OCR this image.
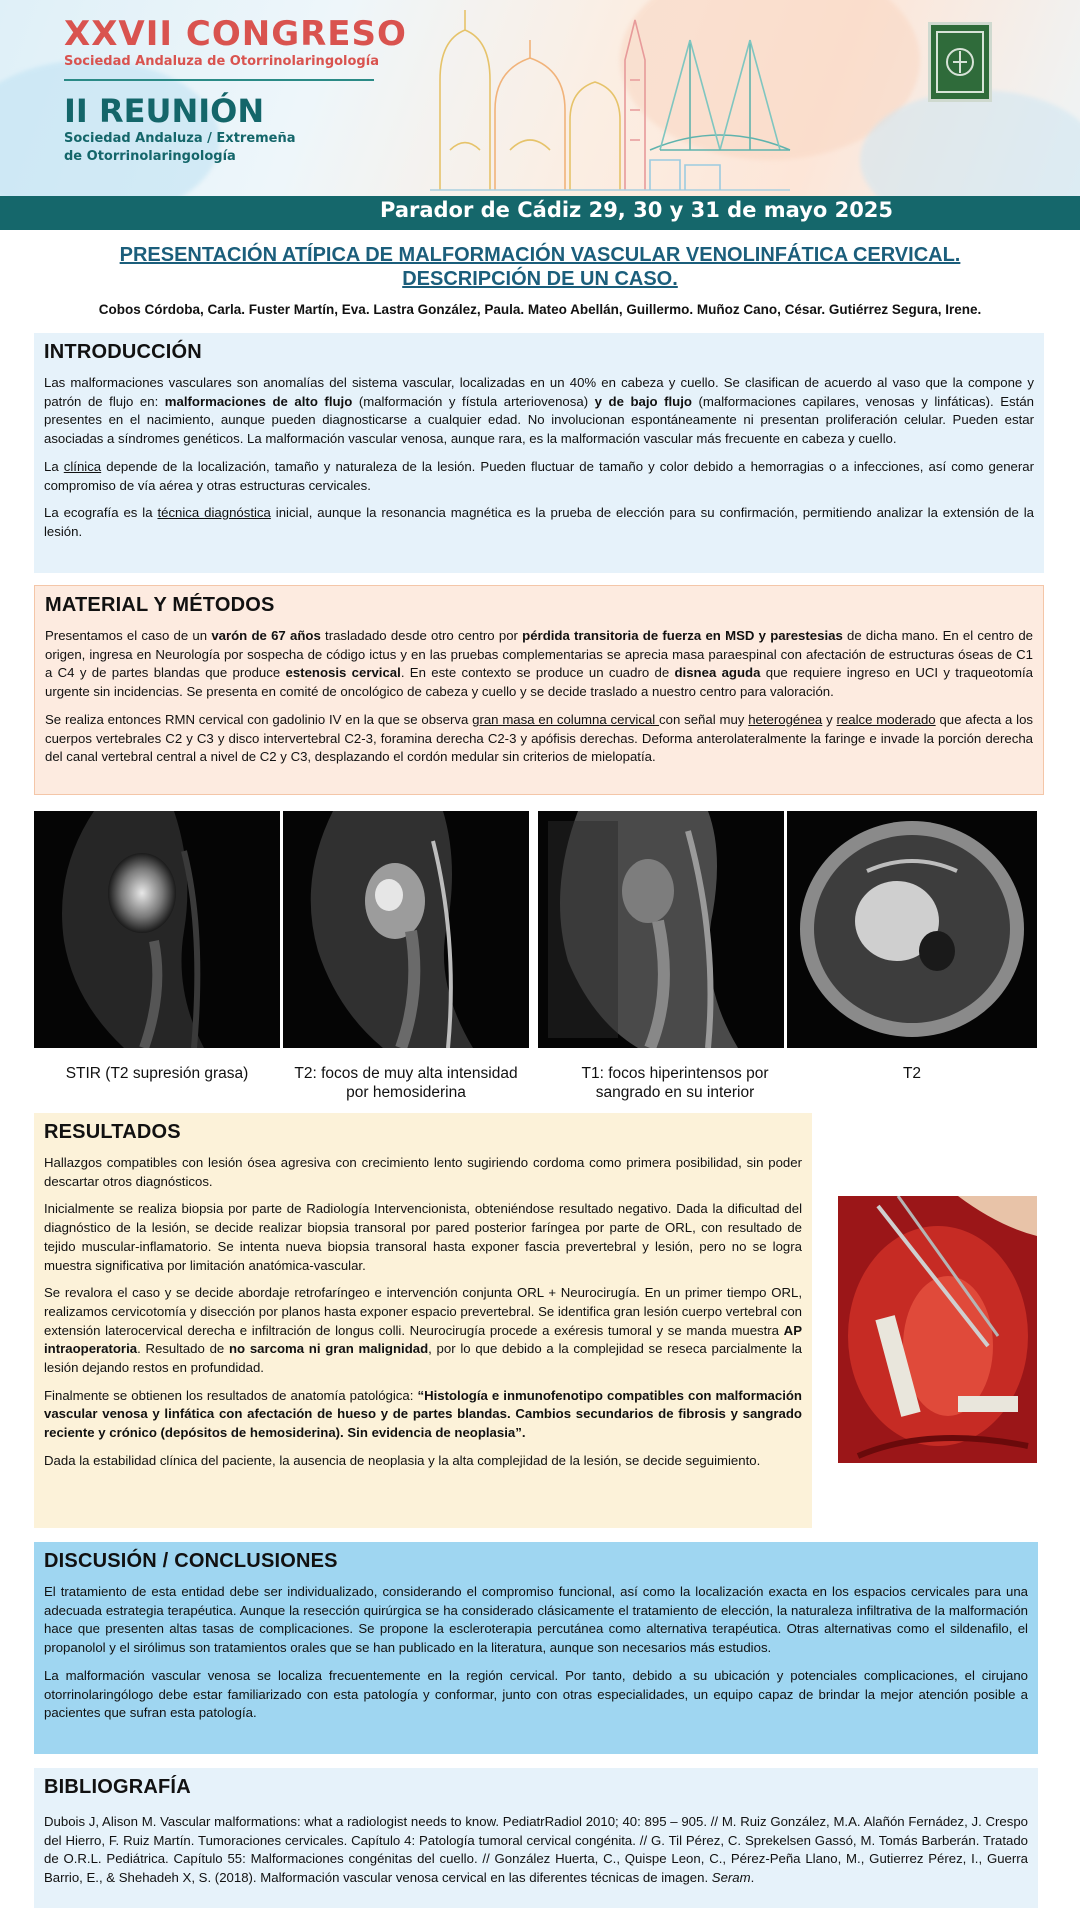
XXVII CONGRESO
Sociedad Andaluza de Otorrinolaringología
II REUNIÓN
Sociedad Andaluza / Extremeña
de Otorrinolaringología
Parador de Cádiz 29, 30 y 31 de mayo 2025
PRESENTACIÓN ATÍPICA DE MALFORMACIÓN VASCULAR VENOLINFÁTICA CERVICAL.
DESCRIPCIÓN DE UN CASO.
Cobos Córdoba, Carla. Fuster Martín, Eva. Lastra González, Paula. Mateo Abellán, Guillermo. Muñoz Cano, César. Gutiérrez Segura, Irene.
INTRODUCCIÓN

Las malformaciones vasculares son anomalías del sistema vascular, localizadas en un 40% en cabeza y cuello. Se clasifican de acuerdo al vaso que la compone y patrón de flujo en: malformaciones de alto flujo (malformación y fístula arteriovenosa) y de bajo flujo (malformaciones capilares, venosas y linfáticas). Están presentes en el nacimiento, aunque pueden diagnosticarse a cualquier edad. No involucionan espontáneamente ni presentan proliferación celular. Pueden estar asociadas a síndromes genéticos. La malformación vascular venosa, aunque rara, es la malformación vascular más frecuente en cabeza y cuello.

La clínica depende de la localización, tamaño y naturaleza de la lesión. Pueden fluctuar de tamaño y color debido a hemorragias o a infecciones, así como generar compromiso de vía aérea y otras estructuras cervicales.

La ecografía es la técnica diagnóstica inicial, aunque la resonancia magnética es la prueba de elección para su confirmación, permitiendo analizar la extensión de la lesión.

MATERIAL Y MÉTODOS

Presentamos el caso de un varón de 67 años trasladado desde otro centro por pérdida transitoria de fuerza en MSD y parestesias de dicha mano. En el centro de origen, ingresa en Neurología por sospecha de código ictus y en las pruebas complementarias se aprecia masa paraespinal con afectación de estructuras óseas de C1 a C4 y de partes blandas que produce estenosis cervical. En este contexto se produce un cuadro de disnea aguda que requiere ingreso en UCI y traqueotomía urgente sin incidencias. Se presenta en comité de oncológico de cabeza y cuello y se decide traslado a nuestro centro para valoración.

Se realiza entonces RMN cervical con gadolinio IV en la que se observa gran masa en columna cervical con señal muy heterogénea y realce moderado que afecta a los cuerpos vertebrales C2 y C3 y disco intervertebral C2-3, foramina derecha C2-3 y apófisis derechas. Deforma anterolateralmente la faringe e invade la porción derecha del canal vertebral central a nivel de C2 y C3, desplazando el cordón medular sin criterios de mielopatía.

STIR (T2 supresión grasa)	T2: focos de muy alta intensidad por hemosiderina
T1: focos hiperintensos por sangrado en su interior
T2
RESULTADOS

Hallazgos compatibles con lesión ósea agresiva con crecimiento lento sugiriendo cordoma como primera posibilidad, sin poder descartar otros diagnósticos.

Inicialmente se realiza biopsia por parte de Radiología Intervencionista, obteniéndose resultado negativo. Dada la dificultad del diagnóstico de la lesión, se decide realizar biopsia transoral por pared posterior faríngea por parte de ORL, con resultado de tejido muscular-inflamatorio. Se intenta nueva biopsia transoral hasta exponer fascia prevertebral y lesión, pero no se logra muestra significativa por limitación anatómica-vascular.

Se revalora el caso y se decide abordaje retrofaríngeo e intervención conjunta ORL + Neurocirugía. En un primer tiempo ORL, realizamos cervicotomía y disección por planos hasta exponer espacio prevertebral. Se identifica gran lesión cuerpo vertebral con extensión laterocervical derecha e infiltración de longus colli. Neurocirugía procede a exéresis tumoral y se manda muestra AP intraoperatoria. Resultado de no sarcoma ni gran malignidad, por lo que debido a la complejidad se reseca parcialmente la lesión dejando restos en profundidad.

Finalmente se obtienen los resultados de anatomía patológica: “Histología e inmunofenotipo compatibles con malformación vascular venosa y linfática con afectación de hueso y de partes blandas. Cambios secundarios de fibrosis y sangrado reciente y crónico (depósitos de hemosiderina). Sin evidencia de neoplasia”.

Dada la estabilidad clínica del paciente, la ausencia de neoplasia y la alta complejidad de la lesión, se decide seguimiento.

DISCUSIÓN / CONCLUSIONES

El tratamiento de esta entidad debe ser individualizado, considerando el compromiso funcional, así como la localización exacta en los espacios cervicales para una adecuada estrategia terapéutica. Aunque la resección quirúrgica se ha considerado clásicamente el tratamiento de elección, la naturaleza infiltrativa de la malformación hace que presenten altas tasas de complicaciones. Se propone la escleroterapia percutánea como alternativa terapéutica. Otras alternativas como el sildenafilo, el propanolol y el sirólimus son tratamientos orales que se han publicado en la literatura, aunque son necesarios más estudios.

La malformación vascular venosa se localiza frecuentemente en la región cervical. Por tanto, debido a su ubicación y potenciales complicaciones, el cirujano otorrinolaringólogo debe estar familiarizado con esta patología y conformar, junto con otras especialidades, un equipo capaz de brindar la mejor atención posible a pacientes que sufran esta patología.

BIBLIOGRAFÍA

Dubois J, Alison M. Vascular malformations: what a radiologist needs to know. PediatrRadiol 2010; 40: 895 – 905. // M. Ruiz González, M.A. Alañón Fernádez, J. Crespo del Hierro, F. Ruiz Martín. Tumoraciones cervicales. Capítulo 4: Patología tumoral cervical congénita. // G. Til Pérez, C. Sprekelsen Gassó, M. Tomás Barberán. Tratado de O.R.L. Pediátrica. Capítulo 55: Malformaciones congénitas del cuello. // González Huerta, C., Quispe Leon, C., Pérez-Peña Llano, M., Gutierrez Pérez, I., Guerra Barrio, E., & Shehadeh X, S. (2018). Malformación vascular venosa cervical en las diferentes técnicas de imagen. Seram.
